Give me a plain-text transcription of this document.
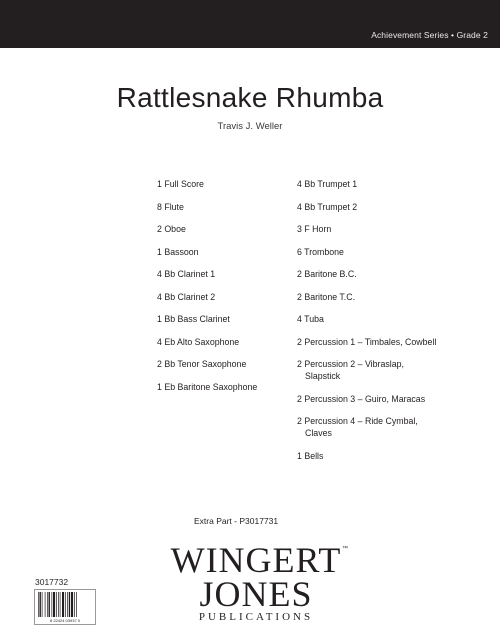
Achievement Series • Grade 2
Rattlesnake Rhumba
Travis J. Weller
1 Full Score
8 Flute
2 Oboe
1 Bassoon
4 Bb Clarinet 1
4 Bb Clarinet 2
1 Bb Bass Clarinet
4 Eb Alto Saxophone
2 Bb Tenor Saxophone
1 Eb Baritone Saxophone
4 Bb Trumpet 1
4 Bb Trumpet 2
3 F Horn
6 Trombone
2 Baritone B.C.
2 Baritone T.C.
4 Tuba
2 Percussion 1 – Timbales, Cowbell
2 Percussion 2 – Vibraslap,
Slapstick
2 Percussion 3 – Guiro, Maracas
2 Percussion 4 – Ride Cymbal,
Claves
1 Bells
Extra Part - P3017731
3017732
8 22424 03937 0
WINGERT ™
JONES
PUBLICATIONS
